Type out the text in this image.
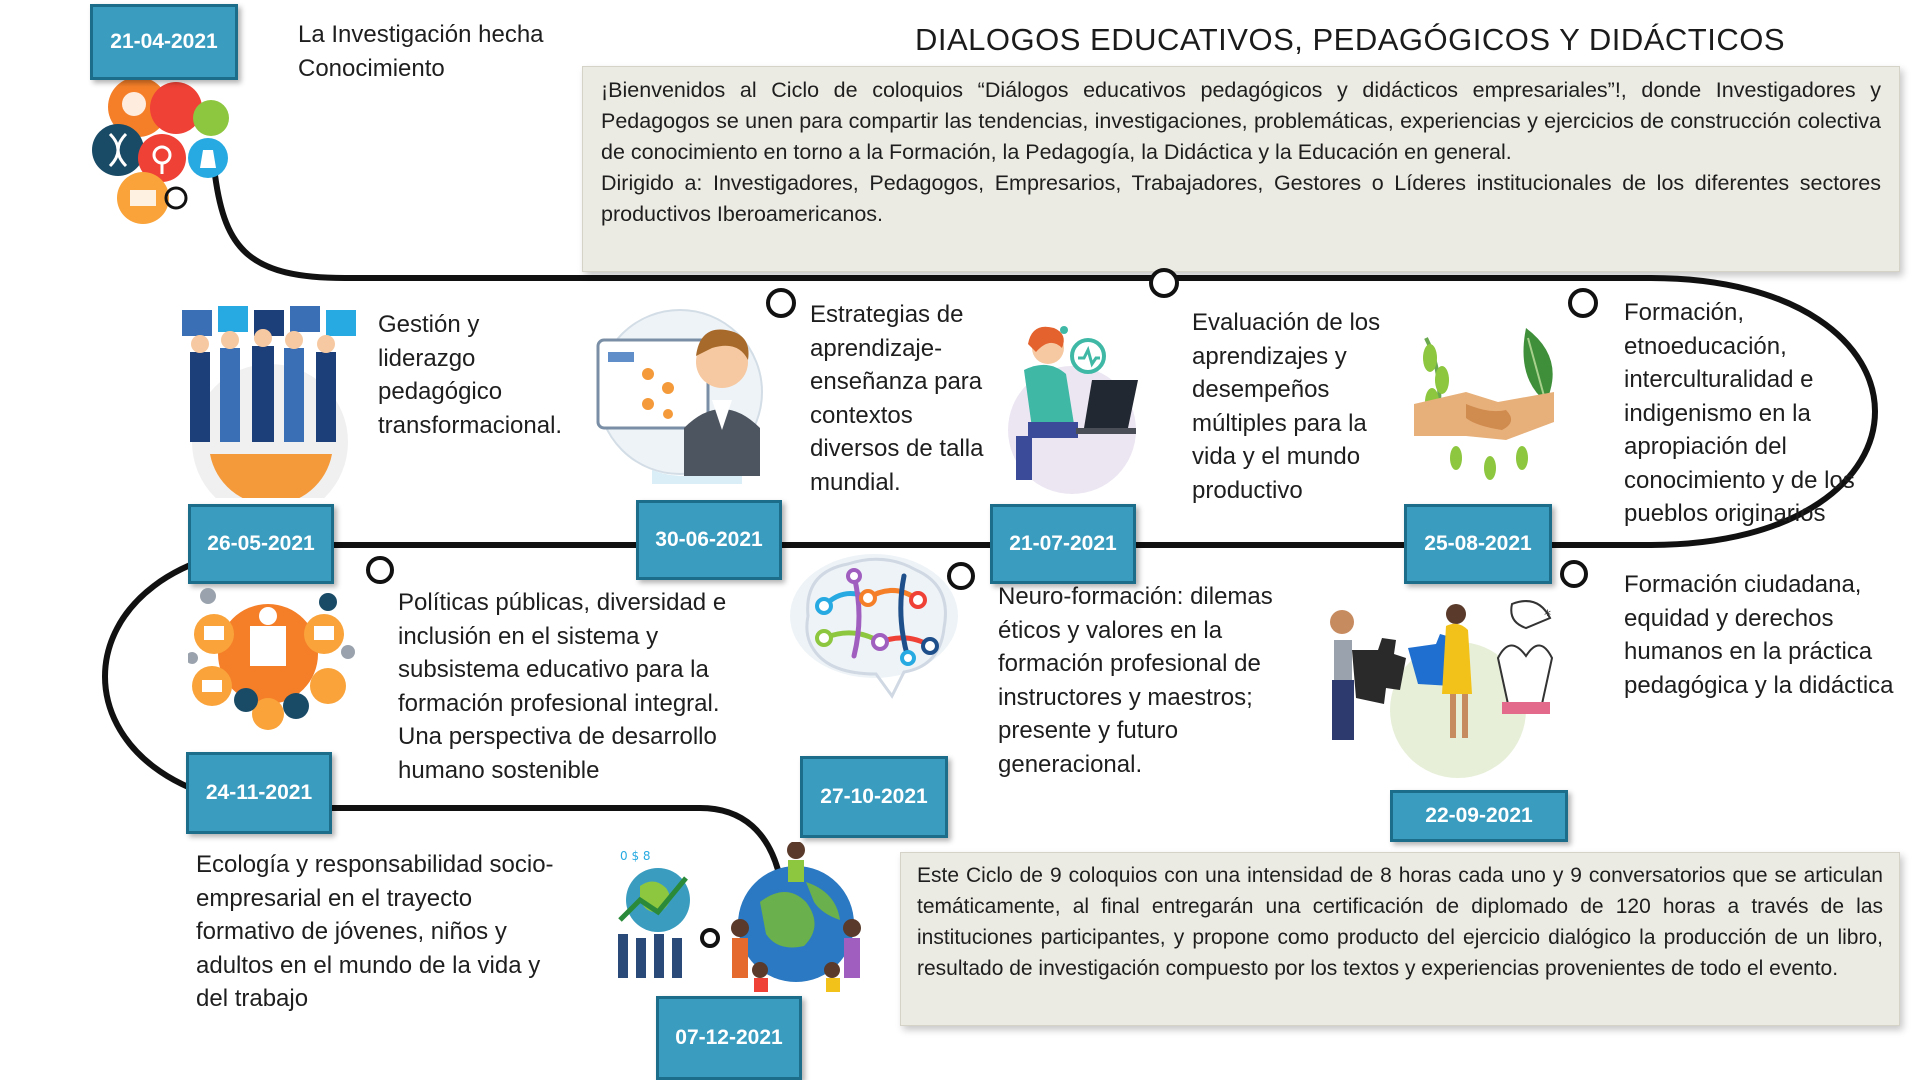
DIALOGOS EDUCATIVOS, PEDAGÓGICOS Y DIDÁCTICOS

¡Bienvenidos al Ciclo de coloquios “Diálogos educativos pedagógicos y didácticos empresariales”!, donde Investigadores y Pedagogos se unen para compartir las tendencias, investigaciones, problemáticas, experiencias y ejercicios de construcción colectiva de conocimiento en torno a la Formación, la Pedagogía, la Didáctica y la Educación en general.

Dirigido a: Investigadores, Pedagogos, Empresarios, Trabajadores, Gestores o Líderes institucionales de los diferentes sectores productivos Iberoamericanos.

Este Ciclo de 9 coloquios con una intensidad de 8 horas cada uno y 9 conversatorios que se articulan temáticamente, al final entregarán una certificación de diplomado de 120 horas a través de las instituciones participantes, y propone como producto del ejercicio dialógico la producción de un libro, resultado de investigación compuesto por los textos y experiencias provenientes de todo el evento.

21-04-2021	La Investigación hecha Conocimiento
26-05-2021
Gestión y liderazgo pedagógico transformacional.
30-06-2021
Estrategias de aprendizaje-enseñanza para contextos diversos de talla mundial.
21-07-2021
Evaluación de los aprendizajes y desempeños múltiples para la vida y el mundo productivo
25-08-2021
Formación, etnoeducación, interculturalidad e indigenismo en la apropiación del conocimiento y de los pueblos originarios
*
22-09-2021
Formación ciudadana, equidad y derechos humanos en la práctica pedagógica y la didáctica
27-10-2021
Neuro-formación: dilemas éticos y valores en la formación profesional de instructores y maestros; presente y futuro generacional.
24-11-2021
Políticas públicas, diversidad e inclusión en el sistema y subsistema educativo para la formación profesional integral. Una perspectiva de desarrollo humano sostenible
0 $ 8
07-12-2021
Ecología y responsabilidad socio-empresarial en el trayecto formativo de jóvenes, niños y adultos en el mundo de la vida y del trabajo
